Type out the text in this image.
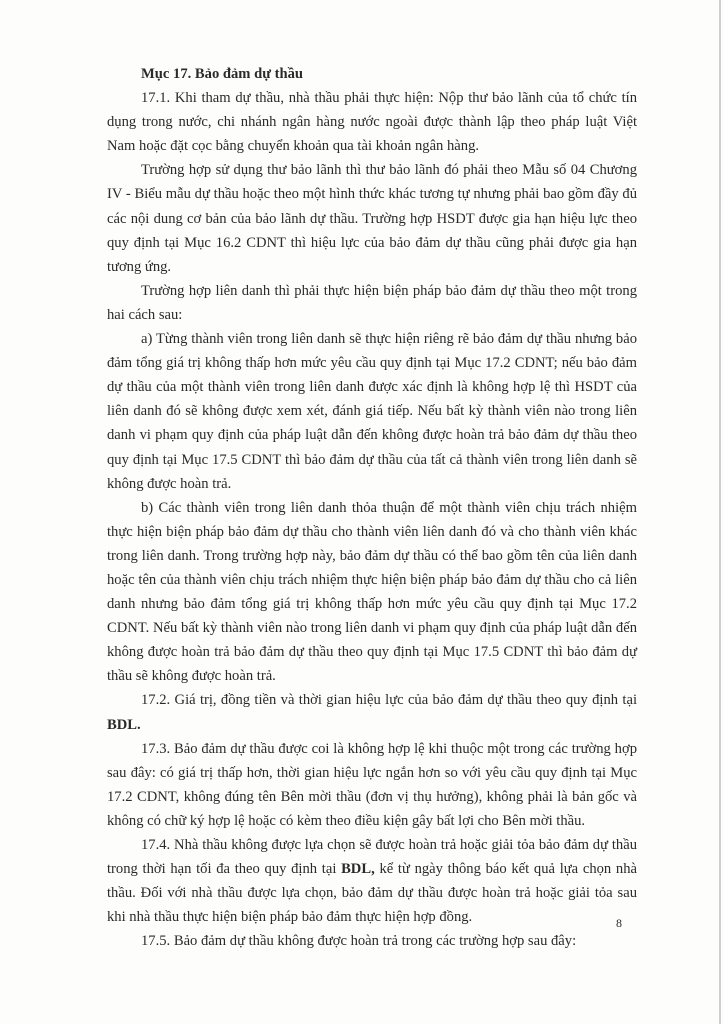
Mục 17. Bảo đảm dự thầu

17.1. Khi tham dự thầu, nhà thầu phải thực hiện: Nộp thư bảo lãnh của tổ chức tín dụng trong nước, chi nhánh ngân hàng nước ngoài được thành lập theo pháp luật Việt Nam hoặc đặt cọc bằng chuyển khoản qua tài khoản ngân hàng.

Trường hợp sử dụng thư bảo lãnh thì thư bảo lãnh đó phải theo Mẫu số 04 Chương IV - Biểu mẫu dự thầu hoặc theo một hình thức khác tương tự nhưng phải bao gồm đầy đủ các nội dung cơ bản của bảo lãnh dự thầu. Trường hợp HSDT được gia hạn hiệu lực theo quy định tại Mục 16.2 CDNT thì hiệu lực của bảo đảm dự thầu cũng phải được gia hạn tương ứng.

Trường hợp liên danh thì phải thực hiện biện pháp bảo đảm dự thầu theo một trong hai cách sau:

a) Từng thành viên trong liên danh sẽ thực hiện riêng rẽ bảo đảm dự thầu nhưng bảo đảm tổng giá trị không thấp hơn mức yêu cầu quy định tại Mục 17.2 CDNT; nếu bảo đảm dự thầu của một thành viên trong liên danh được xác định là không hợp lệ thì HSDT của liên danh đó sẽ không được xem xét, đánh giá tiếp. Nếu bất kỳ thành viên nào trong liên danh vi phạm quy định của pháp luật dẫn đến không được hoàn trả bảo đảm dự thầu theo quy định tại Mục 17.5 CDNT thì bảo đảm dự thầu của tất cả thành viên trong liên danh sẽ không được hoàn trả.

b) Các thành viên trong liên danh thỏa thuận để một thành viên chịu trách nhiệm thực hiện biện pháp bảo đảm dự thầu cho thành viên liên danh đó và cho thành viên khác trong liên danh. Trong trường hợp này, bảo đảm dự thầu có thể bao gồm tên của liên danh hoặc tên của thành viên chịu trách nhiệm thực hiện biện pháp bảo đảm dự thầu cho cả liên danh nhưng bảo đảm tổng giá trị không thấp hơn mức yêu cầu quy định tại Mục 17.2 CDNT. Nếu bất kỳ thành viên nào trong liên danh vi phạm quy định của pháp luật dẫn đến không được hoàn trả bảo đảm dự thầu theo quy định tại Mục 17.5 CDNT thì bảo đảm dự thầu sẽ không được hoàn trả.

17.2. Giá trị, đồng tiền và thời gian hiệu lực của bảo đảm dự thầu theo quy định tại BDL.

17.3. Bảo đảm dự thầu được coi là không hợp lệ khi thuộc một trong các trường hợp sau đây: có giá trị thấp hơn, thời gian hiệu lực ngắn hơn so với yêu cầu quy định tại Mục 17.2 CDNT, không đúng tên Bên mời thầu (đơn vị thụ hưởng), không phải là bản gốc và không có chữ ký hợp lệ hoặc có kèm theo điều kiện gây bất lợi cho Bên mời thầu.

17.4. Nhà thầu không được lựa chọn sẽ được hoàn trả hoặc giải tỏa bảo đảm dự thầu trong thời hạn tối đa theo quy định tại BDL, kể từ ngày thông báo kết quả lựa chọn nhà thầu. Đối với nhà thầu được lựa chọn, bảo đảm dự thầu được hoàn trả hoặc giải tỏa sau khi nhà thầu thực hiện biện pháp bảo đảm thực hiện hợp đồng.

17.5. Bảo đảm dự thầu không được hoàn trả trong các trường hợp sau đây:

8
